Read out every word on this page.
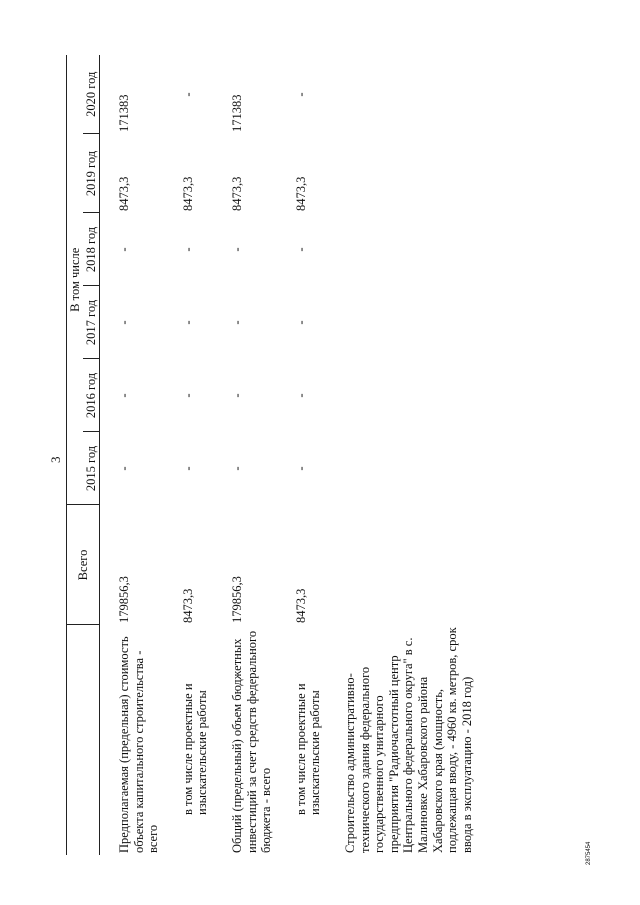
3
	Всего	В том числе					
		2015 год	2016 год	2017 год	2018 год	2019 год	2020 год

Предполагаемая (предельная) стоимость объекта капитального строительства - всего	179856,3	-	-	-	-	8473,3	171383

в том числе проектные и изыскательские работы	8473,3	-	-	-	-	8473,3	-

Общий (предельный) объем бюджетных инвестиций за счет средств федерального бюджета - всего	179856,3	-	-	-	-	8473,3	171383

в том числе проектные и изыскательские работы	8473,3	-	-	-	-	8473,3	-

Строительство административно-технического здания федерального государственного унитарного предприятия "Радиочастотный центр Центрального федерального округа" в с. Малиновке Хабаровского района Хабаровского края (мощность, подлежащая вводу, - 4960 кв. метров, срок ввода в эксплуатацию - 2018 год)							
2875454
